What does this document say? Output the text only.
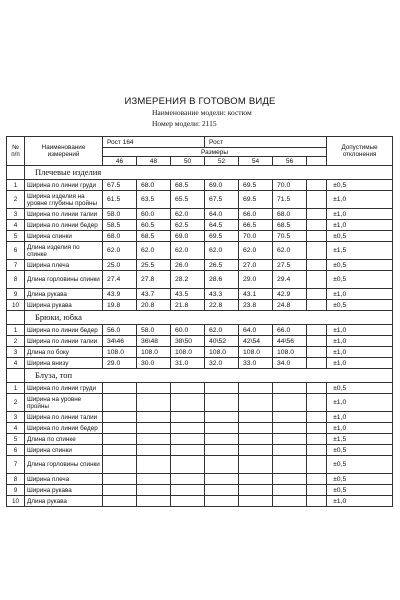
ИЗМЕРЕНИЯ В ГОТОВОМ ВИДЕ
Наименование модели: костюм
Номер модели: 2115
№
п/п	Наименование измерений	Рост 164			Рост				Допустимые отклонения
		Размеры							
		46	48	50	52	54	56		
	Плечевые изделия								
1	Ширина по линии груди	67.5	68.0	68.5	69.0	69.5	70.0		±0,5
2	Ширина изделия на уровне глубины пройны	61.5	63.5	65.5	67.5	69.5	71.5		±1,0
3	Ширина по линии талии	58.0	60.0	62.0	64.0	66.0	68.0		±1,0
4	Ширина по линии бедер	58.5	60.5	62.5	64.5	66.5	68.5		±1,0
5	Ширина спинки	68.0	68.5	69.0	69.5	70.0	70.5		±0,5
6	Длина изделия по спинке	62.0	62.0	62.0	62.0	62.0	62.0		±1,5
7	Ширина плеча	25.0	25.5	26.0	26.5	27.0	27.5		±0,5
8	Длина горловины спинки	27.4	27.8	28.2	28.6	29.0	29.4		±0,5
9	Длина рукава	43.9	43.7	43.5	43.3	43.1	42.9		±1,0
10	Ширина рукава	19.8	20.8	21.8	22.8	23.8	24.8		±0,5
	Брюки, юбка								
1	Ширина по линии бедер	56.0	58.0	60.0	62.0	64.0	66.0		±1,0
2	Ширина по линии талии	34\46	36\48	38\50	40\52	42\54	44\56		±1,0
3	Длина по боку	108.0	108.0	108.0	108.0	108.0	108.0		±1,0
4	Ширина внизу	29.0	30.0	31.0	32.0	33.0	34.0		±1,0
	Блуза, топ								
1	Ширина по линии груди								±0,5
2	Ширина на уровне пройны								±1,0
3	Ширина по линии талии								±1,0
4	Ширина по линии бедер								±1,0
5	Длина по спинке								±1,5
6	Ширина спинки								±0,5
7	Длина горловины спинки								±0,5
8	Ширина плеча								±0,5
9	Ширина рукава								±0,5
10	Длина рукава								±1,0
